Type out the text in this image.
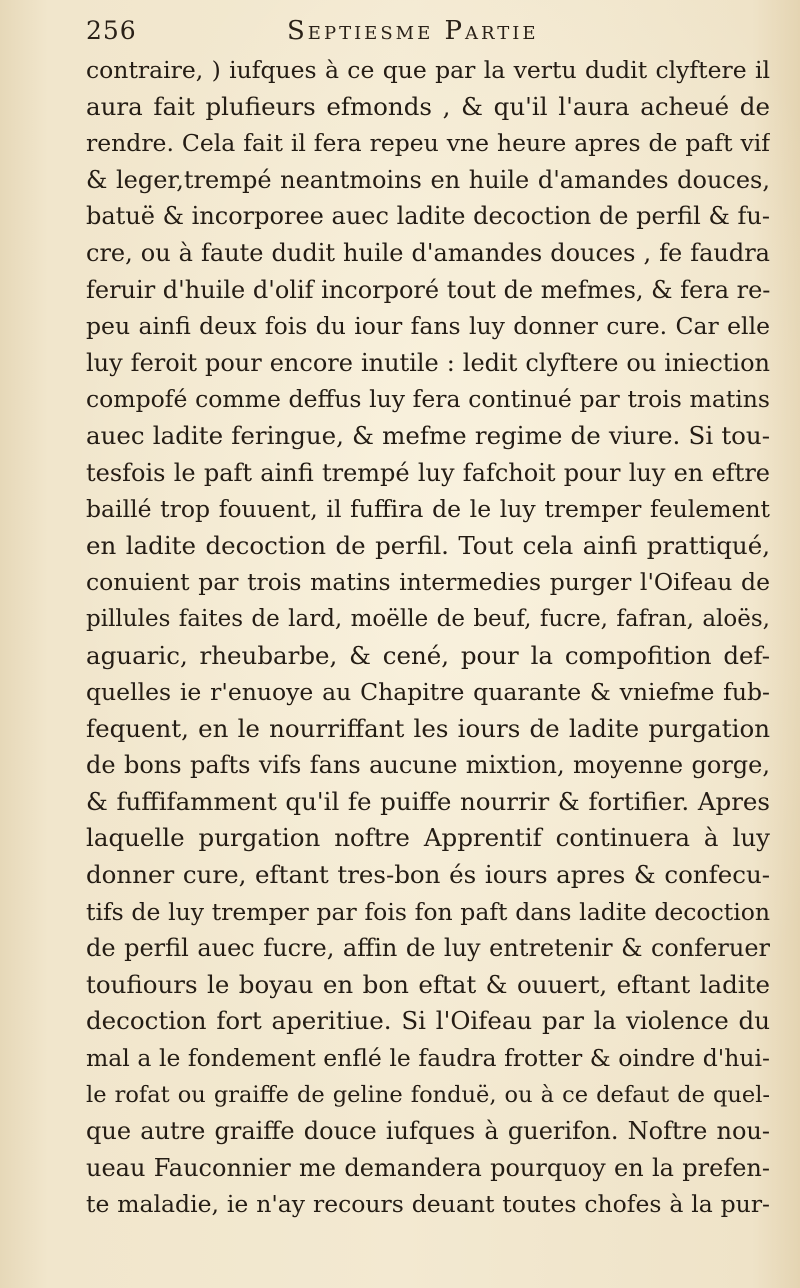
256	Septiesme Partie
contraire, ) iufques à ce que par la vertu dudit clyftere il
aura fait plufieurs efmonds , & qu'il l'aura acheué de
rendre. Cela fait il fera repeu vne heure apres de paft vif
& leger,trempé neantmoins en huile d'amandes douces,
batuë & incorporee auec ladite decoction de perfil & fu-
cre, ou à faute dudit huile d'amandes douces , fe faudra
feruir d'huile d'olif incorporé tout de mefmes, & fera re-
peu ainfi deux fois du iour fans luy donner cure. Car elle
luy feroit pour encore inutile : ledit clyftere ou iniection
compofé comme deffus luy fera continué par trois matins
auec ladite feringue, & mefme regime de viure. Si tou-
tesfois le paft ainfi trempé luy fafchoit pour luy en eftre
baillé trop fouuent, il fuffira de le luy tremper feulement
en ladite decoction de perfil. Tout cela ainfi prattiqué,
conuient par trois matins intermedies purger l'Oifeau de
pillules faites de lard, moëlle de beuf, fucre, fafran, aloës,
aguaric, rheubarbe, & cené, pour la compofition def-
quelles ie r'enuoye au Chapitre quarante & vniefme fub-
fequent, en le nourriffant les iours de ladite purgation
de bons pafts vifs fans aucune mixtion, moyenne gorge,
& fuffifamment qu'il fe puiffe nourrir & fortifier. Apres
laquelle purgation noftre Apprentif continuera à luy
donner cure, eftant tres-bon és iours apres & confecu-
tifs de luy tremper par fois fon paft dans ladite decoction
de perfil auec fucre, affin de luy entretenir & conferuer
toufiours le boyau en bon eftat & ouuert, eftant ladite
decoction fort aperitiue. Si l'Oifeau par la violence du
mal a le fondement enflé le faudra frotter & oindre d'hui-
le rofat ou graiffe de geline fonduë, ou à ce defaut de quel-
que autre graiffe douce iufques à guerifon. Noftre nou-
ueau Fauconnier me demandera pourquoy en la prefen-
te maladie, ie n'ay recours deuant toutes chofes à la pur-
